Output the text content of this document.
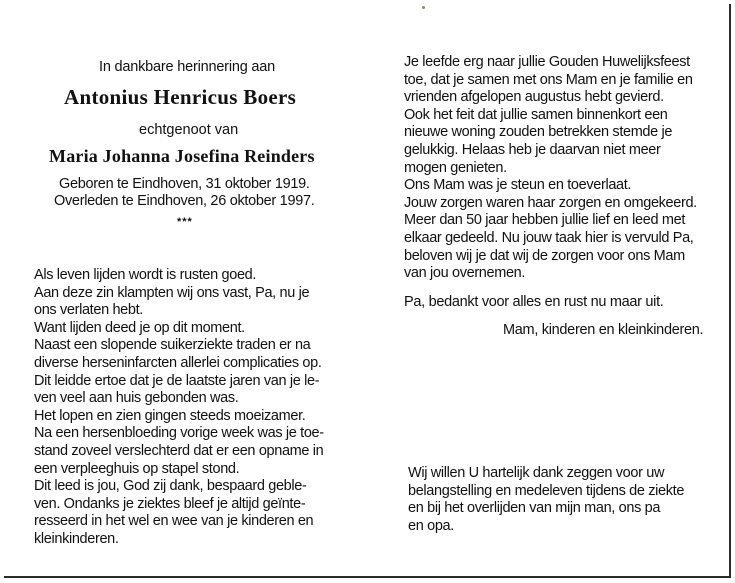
In dankbare herinnering aan
Antonius Henricus Boers
echtgenoot van
Maria Johanna Josefina Reinders
Geboren te Eindhoven, 31 oktober 1919.
Overleden te Eindhoven, 26 oktober 1997.
***
Als leven lijden wordt is rusten goed.
Aan deze zin klampten wij ons vast, Pa, nu je
ons verlaten hebt.
Want lijden deed je op dit moment.
Naast een slopende suikerziekte traden er na
diverse herseninfarcten allerlei complicaties op.
Dit leidde ertoe dat je de laatste jaren van je le-
ven veel aan huis gebonden was.
Het lopen en zien gingen steeds moeizamer.
Na een hersenbloeding vorige week was je toe-
stand zoveel verslechterd dat er een opname in
een verpleeghuis op stapel stond.
Dit leed is jou, God zij dank, bespaard geble-
ven. Ondanks je ziektes bleef je altijd geïnte-
resseerd in het wel en wee van je kinderen en
kleinkinderen.
Je leefde erg naar jullie Gouden Huwelijksfeest
toe, dat je samen met ons Mam en je familie en
vrienden afgelopen augustus hebt gevierd.
Ook het feit dat jullie samen binnenkort een
nieuwe woning zouden betrekken stemde je
gelukkig. Helaas heb je daarvan niet meer
mogen genieten.
Ons Mam was je steun en toeverlaat.
Jouw zorgen waren haar zorgen en omgekeerd.
Meer dan 50 jaar hebben jullie lief en leed met
elkaar gedeeld. Nu jouw taak hier is vervuld Pa,
beloven wij je dat wij de zorgen voor ons Mam
van jou overnemen.
Pa, bedankt voor alles en rust nu maar uit.
Mam, kinderen en kleinkinderen.
Wij willen U hartelijk dank zeggen voor uw
belangstelling en medeleven tijdens de ziekte
en bij het overlijden van mijn man, ons pa
en opa.
